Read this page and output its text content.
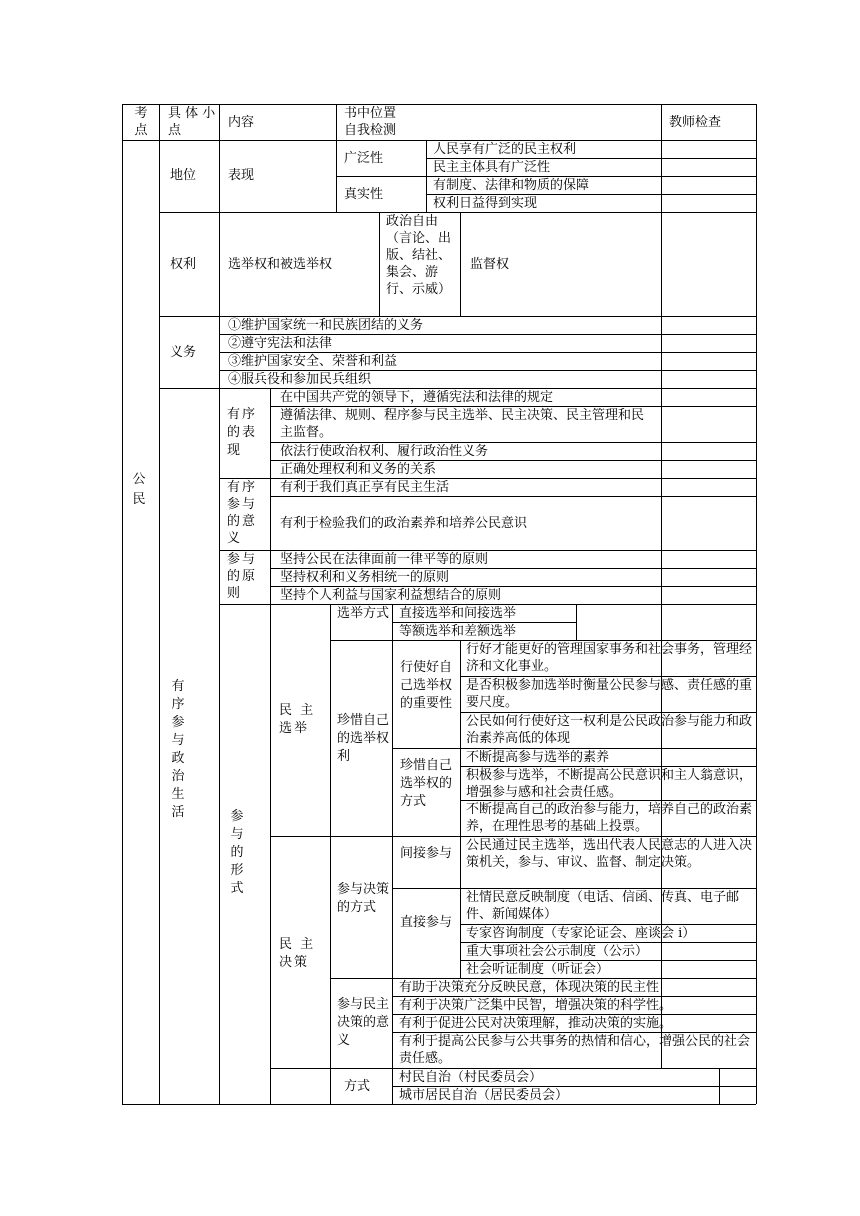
考 点
具 体 小点
内容
书中位置
自我检测
教师检查
公 民
地位 表现
广泛性
人民享有广泛的民主权利
民主主体具有广泛性
真实性
有制度、法律和物质的保障
权利日益得到实现
权利 选举权和被选举权
政治自由（言论、出版、结社、集会、游行、示威）
监督权
义务
①维护国家统一和民族团结的义务
②遵守宪法和法律
③维护国家安全、荣誉和利益
④服兵役和参加民兵组织
有序参与政治生活
有序的表现
在中国共产党的领导下，遵循宪法和法律的规定
遵循法律、规则、程序参与民主选举、民主决策、民主管理和民主监督。
依法行使政治权利、履行政治性义务
正确处理权利和义务的关系
有序参与的意义
有利于我们真正享有民主生活
有利于检验我们的政治素养和培养公民意识
参与的原则
坚持公民在法律面前一律平等的原则
坚持权利和义务相统一的原则
坚持个人利益与国家利益想结合的原则
参与的形式
民 主 选举
选举方式 直接选举和间接选举
等额选举和差额选举
珍惜自己的选举权利
行使好自己选举权的重要性
行好才能更好的管理国家事务和社会事务，管理经济和文化事业。
是否积极参加选举时衡量公民参与感、责任感的重要尺度。
公民如何行使好这一权利是公民政治参与能力和政治素养高低的体现
珍惜自己选举权的方式
不断提高参与选举的素养
积极参与选举，不断提高公民意识和主人翁意识，增强参与感和社会责任感。
不断提高自己的政治参与能力，培养自己的政治素养，在理性思考的基础上投票。
民 主 决策
参与决策的方式
间接参与
公民通过民主选举，选出代表人民意志的人进入决策机关，参与、审议、监督、制定决策。
直接参与
社情民意反映制度（电话、信函、传真、电子邮件、新闻媒体）
专家咨询制度（专家论证会、座谈会 i）
重大事项社会公示制度（公示）
社会听证制度（听证会）
参与民主决策的意义
有助于决策充分反映民意，体现决策的民主性
有利于决策广泛集中民智，增强决策的科学性。
有利于促进公民对决策理解，推动决策的实施。
有利于提高公民参与公共事务的热情和信心，增强公民的社会责任感。
方式
村民自治（村民委员会）
城市居民自治（居民委员会）
